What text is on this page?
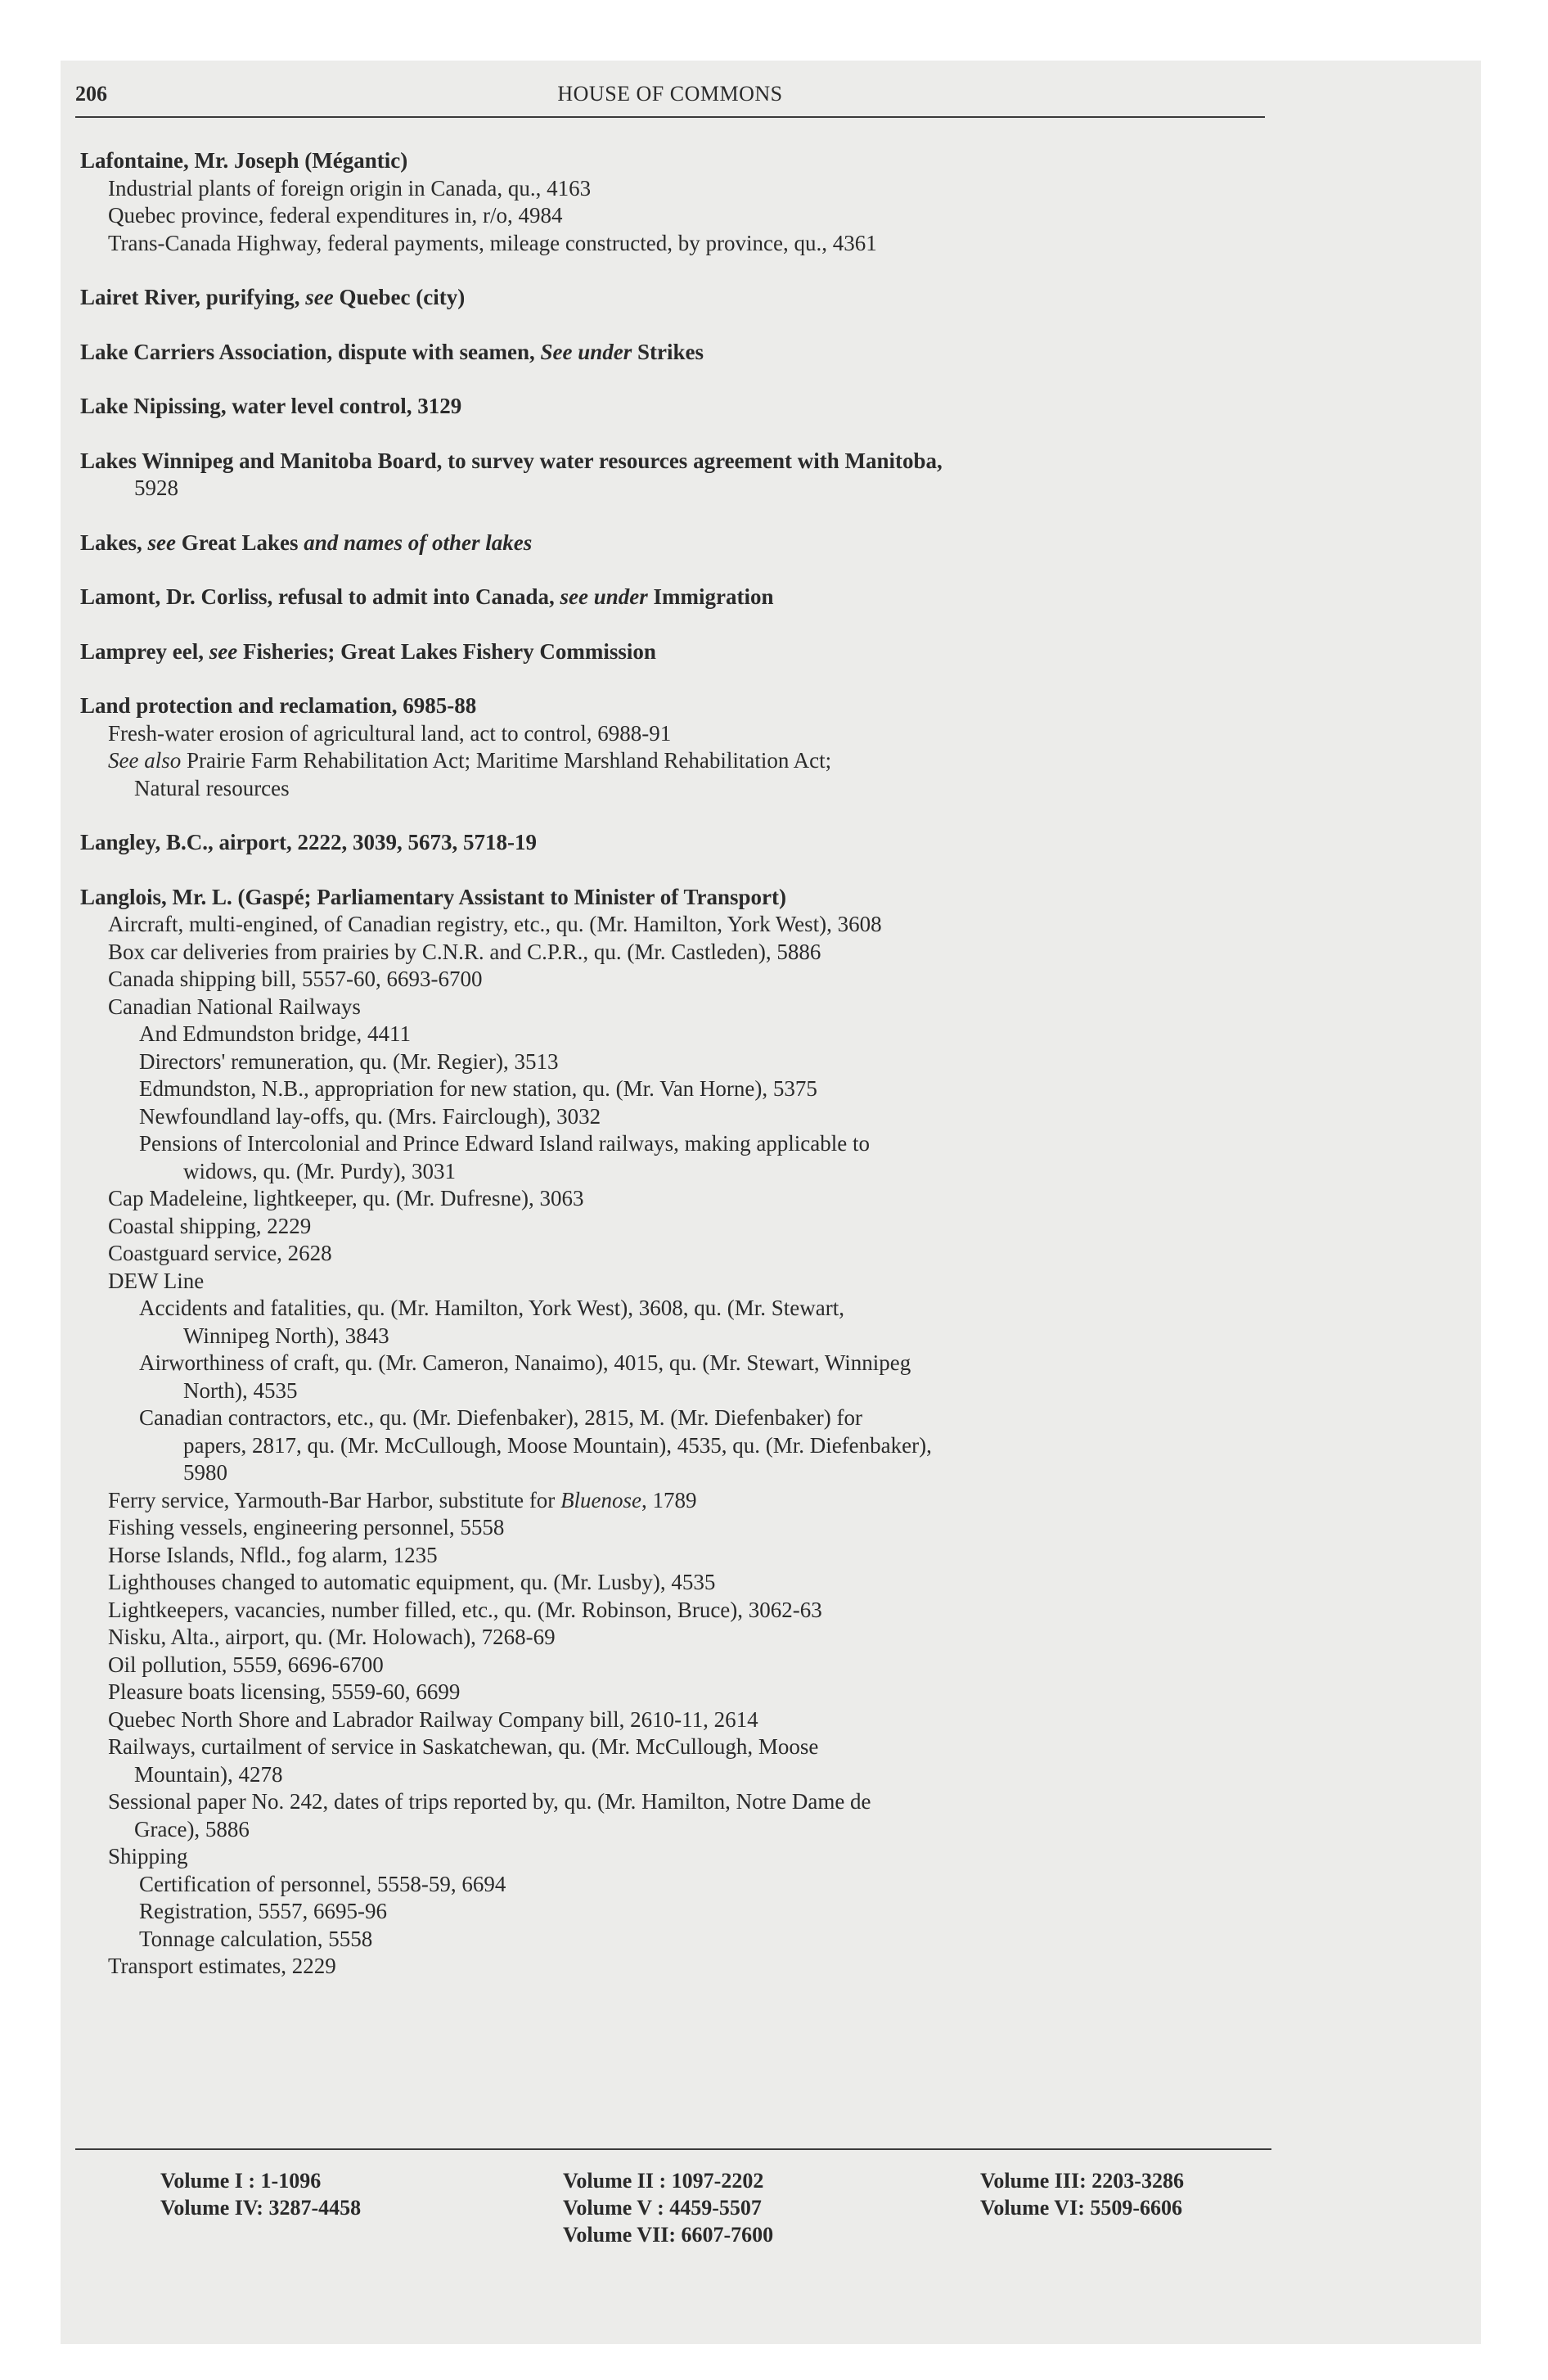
206	HOUSE OF COMMONS
Lafontaine, Mr. Joseph (Mégantic)
Industrial plants of foreign origin in Canada, qu., 4163
Quebec province, federal expenditures in, r/o, 4984
Trans-Canada Highway, federal payments, mileage constructed, by province, qu., 4361
Lairet River, purifying, see Quebec (city)
Lake Carriers Association, dispute with seamen, See under Strikes
Lake Nipissing, water level control, 3129
Lakes Winnipeg and Manitoba Board, to survey water resources agreement with Manitoba,
5928
Lakes, see Great Lakes and names of other lakes
Lamont, Dr. Corliss, refusal to admit into Canada, see under Immigration
Lamprey eel, see Fisheries; Great Lakes Fishery Commission
Land protection and reclamation, 6985-88
Fresh-water erosion of agricultural land, act to control, 6988-91
See also Prairie Farm Rehabilitation Act; Maritime Marshland Rehabilitation Act;
Natural resources
Langley, B.C., airport, 2222, 3039, 5673, 5718-19
Langlois, Mr. L. (Gaspé; Parliamentary Assistant to Minister of Transport)
Aircraft, multi-engined, of Canadian registry, etc., qu. (Mr. Hamilton, York West), 3608
Box car deliveries from prairies by C.N.R. and C.P.R., qu. (Mr. Castleden), 5886
Canada shipping bill, 5557-60, 6693-6700
Canadian National Railways
And Edmundston bridge, 4411
Directors' remuneration, qu. (Mr. Regier), 3513
Edmundston, N.B., appropriation for new station, qu. (Mr. Van Horne), 5375
Newfoundland lay-offs, qu. (Mrs. Fairclough), 3032
Pensions of Intercolonial and Prince Edward Island railways, making applicable to
widows, qu. (Mr. Purdy), 3031
Cap Madeleine, lightkeeper, qu. (Mr. Dufresne), 3063
Coastal shipping, 2229
Coastguard service, 2628
DEW Line
Accidents and fatalities, qu. (Mr. Hamilton, York West), 3608, qu. (Mr. Stewart,
Winnipeg North), 3843
Airworthiness of craft, qu. (Mr. Cameron, Nanaimo), 4015, qu. (Mr. Stewart, Winnipeg
North), 4535
Canadian contractors, etc., qu. (Mr. Diefenbaker), 2815, M. (Mr. Diefenbaker) for
papers, 2817, qu. (Mr. McCullough, Moose Mountain), 4535, qu. (Mr. Diefenbaker),
5980
Ferry service, Yarmouth-Bar Harbor, substitute for Bluenose, 1789
Fishing vessels, engineering personnel, 5558
Horse Islands, Nfld., fog alarm, 1235
Lighthouses changed to automatic equipment, qu. (Mr. Lusby), 4535
Lightkeepers, vacancies, number filled, etc., qu. (Mr. Robinson, Bruce), 3062-63
Nisku, Alta., airport, qu. (Mr. Holowach), 7268-69
Oil pollution, 5559, 6696-6700
Pleasure boats licensing, 5559-60, 6699
Quebec North Shore and Labrador Railway Company bill, 2610-11, 2614
Railways, curtailment of service in Saskatchewan, qu. (Mr. McCullough, Moose
Mountain), 4278
Sessional paper No. 242, dates of trips reported by, qu. (Mr. Hamilton, Notre Dame de
Grace), 5886
Shipping
Certification of personnel, 5558-59, 6694
Registration, 5557, 6695-96
Tonnage calculation, 5558
Transport estimates, 2229
Volume I : 1-1096
Volume IV: 3287-4458
Volume II : 1097-2202
Volume V : 4459-5507
Volume VII: 6607-7600
Volume III: 2203-3286
Volume VI: 5509-6606
